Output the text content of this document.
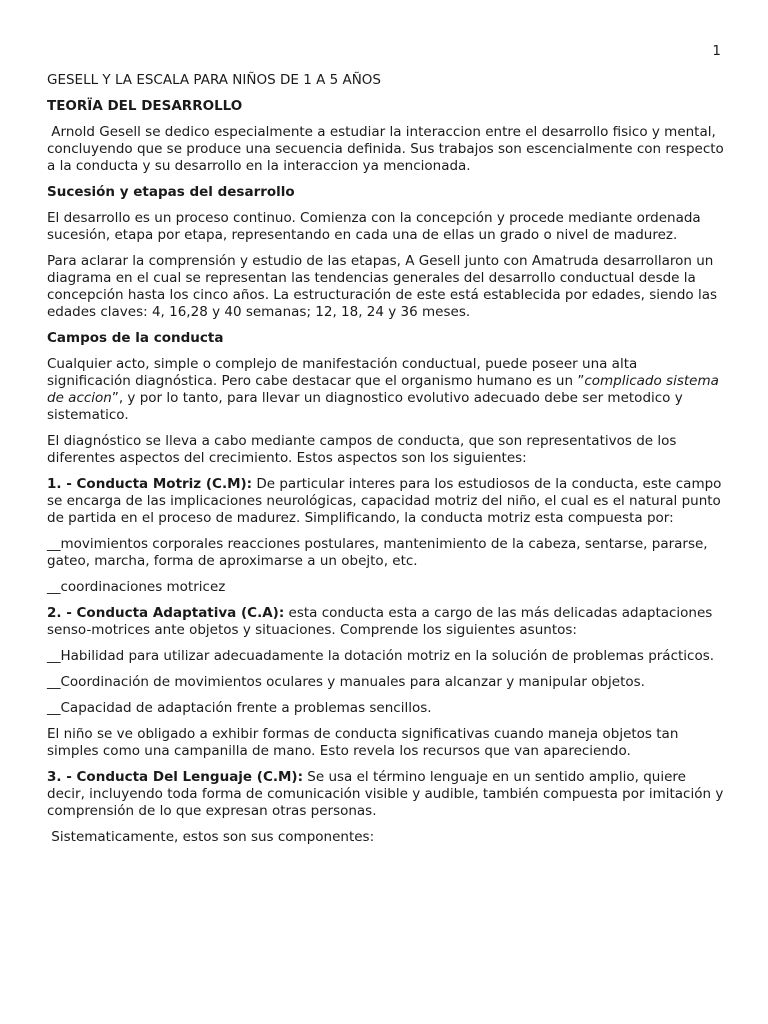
1

GESELL Y LA ESCALA PARA NIÑOS DE 1 A 5 AÑOS

TEORÏA DEL DESARROLLO

Arnold Gesell se dedico especialmente a estudiar la interaccion entre el desarrollo fisico y mental, concluyendo que se produce una secuencia definida. Sus trabajos son escencialmente con respecto a la conducta y su desarrollo en la interaccion ya mencionada.

Sucesión y etapas del desarrollo

El desarrollo es un proceso continuo. Comienza con la concepción y procede mediante ordenada sucesión, etapa por etapa, representando en cada una de ellas un grado o nivel de madurez.

Para aclarar la comprensión y estudio de las etapas, A Gesell junto con Amatruda desarrollaron un diagrama en el cual se representan las tendencias generales del desarrollo conductual desde la concepción hasta los cinco años. La estructuración de este está establecida por edades, siendo las edades claves: 4, 16,28 y 40 semanas; 12, 18, 24 y 36 meses.

Campos de la conducta

Cualquier acto, simple o complejo de manifestación conductual, puede poseer una alta significación diagnóstica. Pero cabe destacar que el organismo humano es un ”complicado sistema de accion”, y por lo tanto, para llevar un diagnostico evolutivo adecuado debe ser metodico y sistematico.

El diagnóstico se lleva a cabo mediante campos de conducta, que son representativos de los diferentes aspectos del crecimiento. Estos aspectos son los siguientes:

1. - Conducta Motriz (C.M): De particular interes para los estudiosos de la conducta, este campo se encarga de las implicaciones neurológicas, capacidad motriz del niño, el cual es el natural punto de partida en el proceso de madurez. Simplificando, la conducta motriz esta compuesta por:

__movimientos corporales reacciones postulares, mantenimiento de la cabeza, sentarse, pararse, gateo, marcha, forma de aproximarse a un obejto, etc.

__coordinaciones motricez

2. - Conducta Adaptativa (C.A): esta conducta esta a cargo de las más delicadas adaptaciones senso-motrices ante objetos y situaciones. Comprende los siguientes asuntos:

__Habilidad para utilizar adecuadamente la dotación motriz en la solución de problemas prácticos.

__Coordinación de movimientos oculares y manuales para alcanzar y manipular objetos.

__Capacidad de adaptación frente a problemas sencillos.

El niño se ve obligado a exhibir formas de conducta significativas cuando maneja objetos tan simples como una campanilla de mano. Esto revela los recursos que van apareciendo.

3. - Conducta Del Lenguaje (C.M): Se usa el término lenguaje en un sentido amplio, quiere decir, incluyendo toda forma de comunicación visible y audible, también compuesta por imitación y comprensión de lo que expresan otras personas.

Sistematicamente, estos son sus componentes:
